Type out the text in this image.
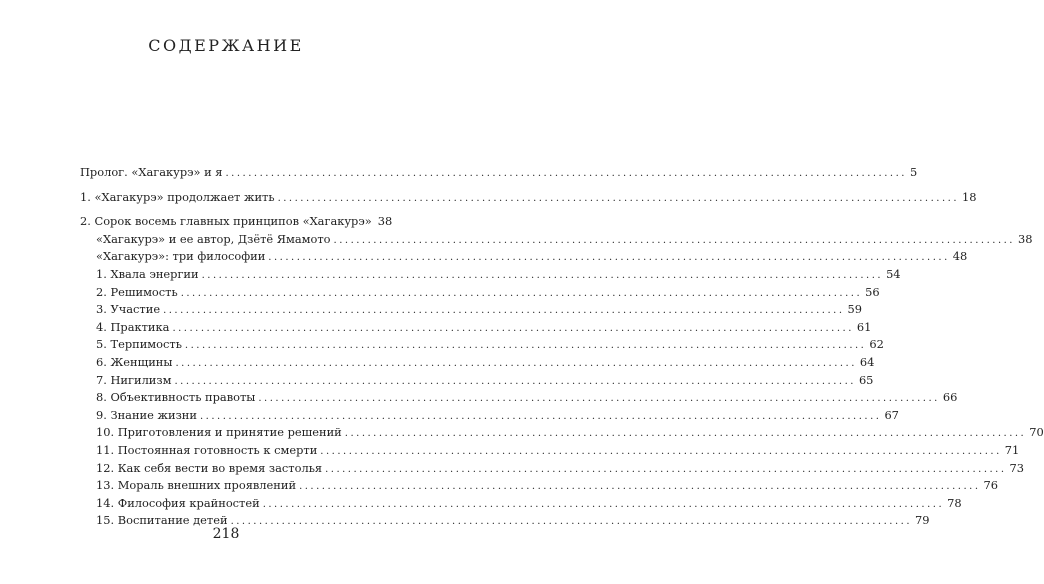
СОДЕРЖАНИЕ
Пролог. «Хагакурэ» и я ........................................................................................................................ 5
1. «Хагакурэ» продолжает жить ........................................................................................................................ 18
2. Сорок восемь главных принципов «Хагакурэ» 38
«Хагакурэ» и ее автор, Дзётё Ямамото ........................................................................................................................ 38
«Хагакурэ»: три философии ........................................................................................................................ 48
1. Хвала энергии ........................................................................................................................ 54
2. Решимость ........................................................................................................................ 56
3. Участие ........................................................................................................................ 59
4. Практика ........................................................................................................................ 61
5. Терпимость ........................................................................................................................ 62
6. Женщины ........................................................................................................................ 64
7. Нигилизм ........................................................................................................................ 65
8. Объективность правоты ........................................................................................................................ 66
9. Знание жизни ........................................................................................................................ 67
10. Приготовления и принятие решений ........................................................................................................................ 70
11. Постоянная готовность к смерти ........................................................................................................................ 71
12. Как себя вести во время застолья ........................................................................................................................ 73
13. Мораль внешних проявлений ........................................................................................................................ 76
14. Философия крайностей ........................................................................................................................ 78
15. Воспитание детей ........................................................................................................................ 79
218
